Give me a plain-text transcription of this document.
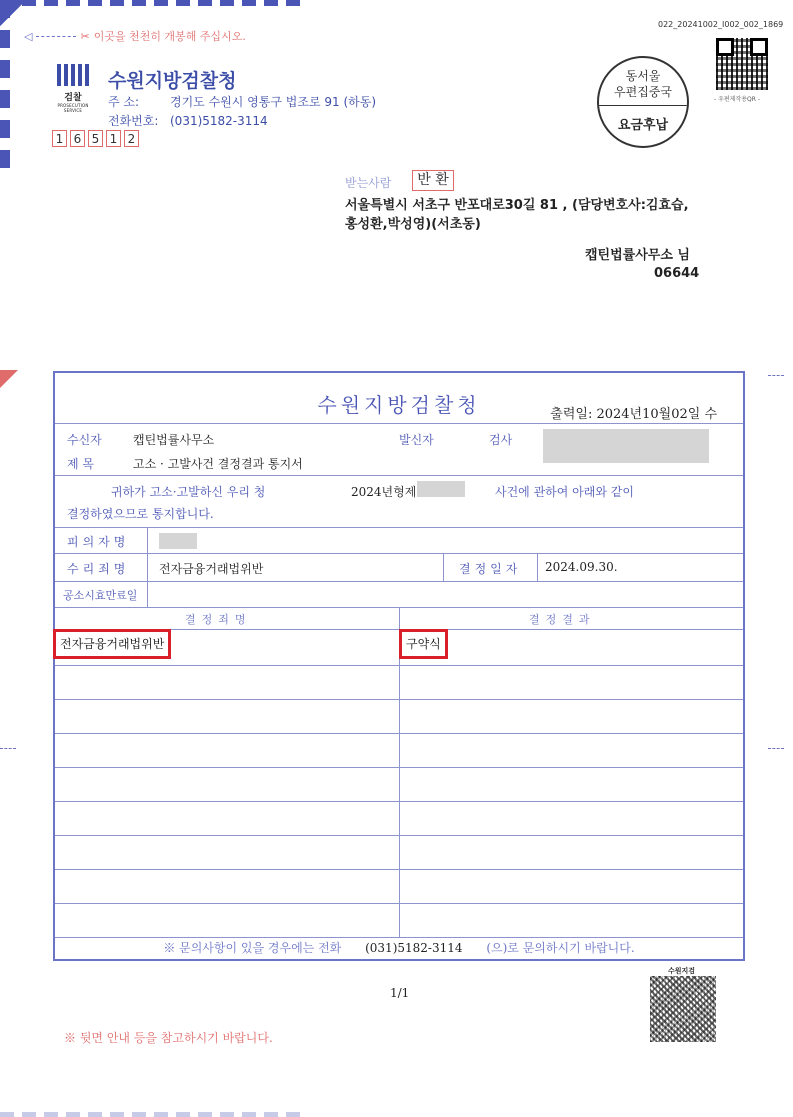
◁	✂ 이곳을 천천히 개봉해 주십시오.
022_20241002_I002_002_1869
검찰
PROSECUTION SERVICE
수원지방검찰청
주 소:	경기도 수원시 영통구 법조로 91 (하동)
전화번호: (031)5182-3114
1 6 5 1 2
동서울
우편집중국
요금후납
- 우편제작용QR -
받는사람	반 환
서울특별시 서초구 반포대로30길 81 , (담당변호사:김효습,홍성환,박성영)(서초동)
캡틴법률사무소 님
06644
수원지방검찰청	출력일: 2024년10월02일 수
수신자	캡틴법률사무소	발신자	검사
제 목	고소 · 고발사건 결정결과 통지서
귀하가 고소·고발하신 우리 청	2024년형제	사건에 관하여 아래와 같이
결정하였으므로 통지합니다.
피의자명
수리죄명 전자금융거래법위반	결정일자 2024.09.30.
공소시효만료일
결정죄명	결정결과
전자금융거래법위반	구약식
※ 문의사항이 있을 경우에는 전화 (031)5182-3114 (으)로 문의하시기 바랍니다.
1/1
※ 뒷면 안내 등을 참고하시기 바랍니다.
수원지검
